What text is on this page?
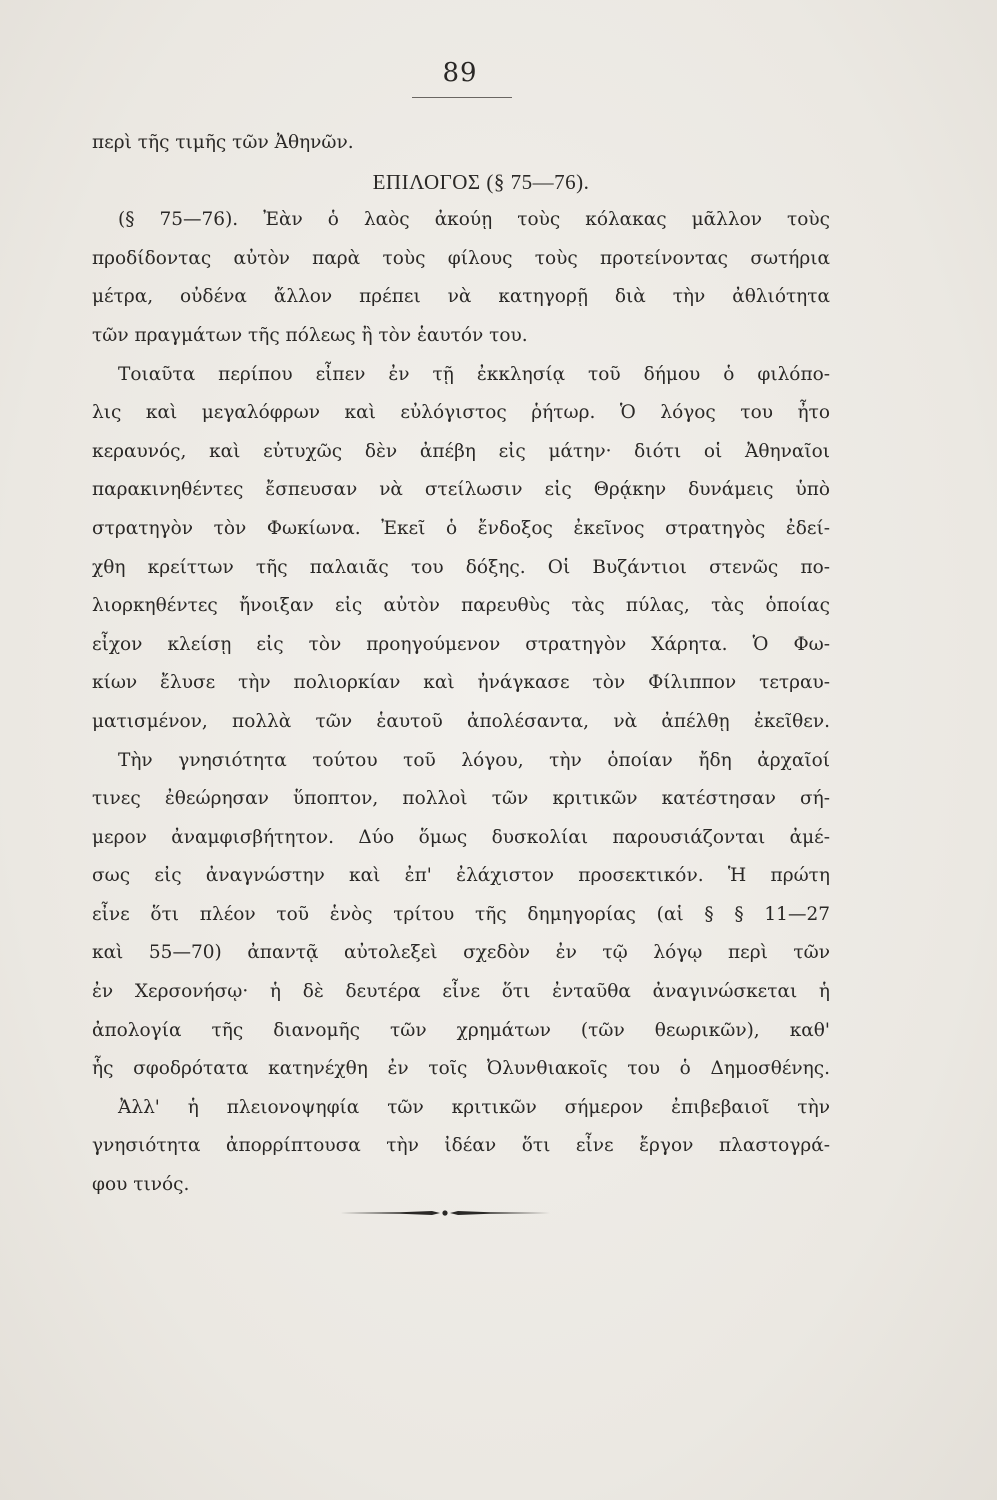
89
περὶ τῆς τιμῆς τῶν Ἀθηνῶν.
ΕΠΙΛΟΓΟΣ (§ 75—76).
(§ 75—76). Ἐὰν ὁ λαὸς ἀκούῃ τοὺς κόλακας μᾶλλον τοὺς
προδίδοντας αὐτὸν παρὰ τοὺς φίλους τοὺς προτείνοντας σωτήρια
μέτρα, οὐδένα ἄλλον πρέπει νὰ κατηγορῇ διὰ τὴν ἀθλιότητα
τῶν πραγμάτων τῆς πόλεως ἢ τὸν ἑαυτόν του.
Τοιαῦτα περίπου εἶπεν ἐν τῇ ἐκκλησίᾳ τοῦ δήμου ὁ φιλόπο-
λις καὶ μεγαλόφρων καὶ εὐλόγιστος ῥήτωρ. Ὁ λόγος του ἦτο
κεραυνός, καὶ εὐτυχῶς δὲν ἀπέβη εἰς μάτην· διότι οἱ Ἀθηναῖοι
παρακινηθέντες ἔσπευσαν νὰ στείλωσιν εἰς Θρᾴκην δυνάμεις ὑπὸ
στρατηγὸν τὸν Φωκίωνα. Ἐκεῖ ὁ ἔνδοξος ἐκεῖνος στρατηγὸς ἐδεί-
χθη κρείττων τῆς παλαιᾶς του δόξης. Οἱ Βυζάντιοι στενῶς πο-
λιορκηθέντες ἤνοιξαν εἰς αὐτὸν παρευθὺς τὰς πύλας, τὰς ὁποίας
εἶχον κλείσῃ εἰς τὸν προηγούμενον στρατηγὸν Χάρητα. Ὁ Φω-
κίων ἔλυσε τὴν πολιορκίαν καὶ ἠνάγκασε τὸν Φίλιππον τετραυ-
ματισμένον, πολλὰ τῶν ἑαυτοῦ ἀπολέσαντα, νὰ ἀπέλθῃ ἐκεῖθεν.
Τὴν γνησιότητα τούτου τοῦ λόγου, τὴν ὁποίαν ἤδη ἀρχαῖοί
τινες ἐθεώρησαν ὕποπτον, πολλοὶ τῶν κριτικῶν κατέστησαν σή-
μερον ἀναμφισβήτητον. Δύο ὅμως δυσκολίαι παρουσιάζονται ἀμέ-
σως εἰς ἀναγνώστην καὶ ἐπ' ἐλάχιστον προσεκτικόν. Ἡ πρώτη
εἶνε ὅτι πλέον τοῦ ἑνὸς τρίτου τῆς δημηγορίας (αἱ § § 11—27
καὶ 55—70) ἀπαντᾷ αὐτολεξεὶ σχεδὸν ἐν τῷ λόγῳ περὶ τῶν
ἐν Χερσονήσῳ· ἡ δὲ δευτέρα εἶνε ὅτι ἐνταῦθα ἀναγινώσκεται ἡ
ἀπολογία τῆς διανομῆς τῶν χρημάτων (τῶν θεωρικῶν), καθ'
ἧς σφοδρότατα κατηνέχθη ἐν τοῖς Ὀλυνθιακοῖς του ὁ Δημοσθένης.
Ἀλλ' ἡ πλειονοψηφία τῶν κριτικῶν σήμερον ἐπιβεβαιοῖ τὴν
γνησιότητα ἀπορρίπτουσα τὴν ἰδέαν ὅτι εἶνε ἔργον πλαστογρά-
φου τινός.
